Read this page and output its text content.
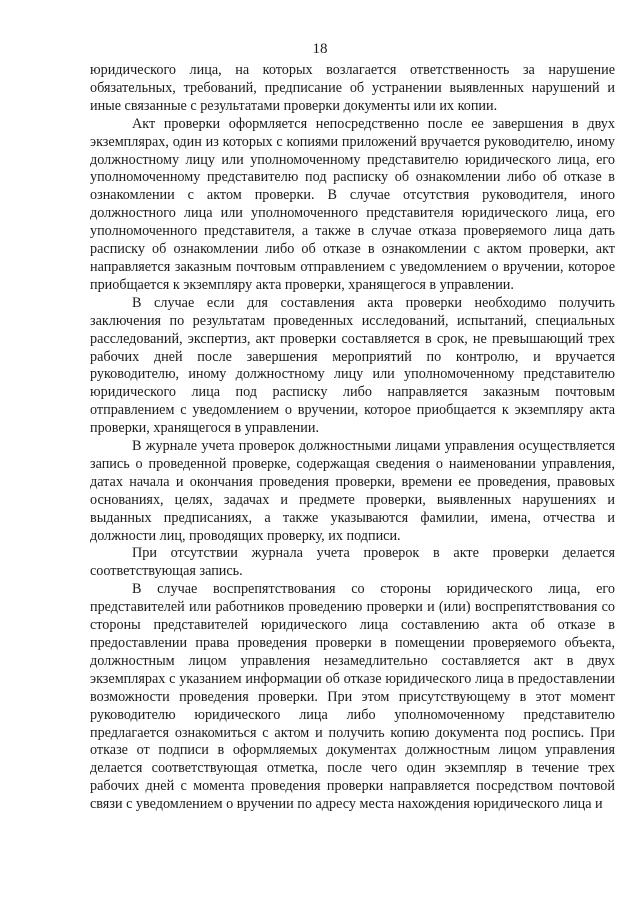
18

юридического лица, на которых возлагается ответственность за нарушение обязательных, требований, предписание об устранении выявленных нарушений и иные связанные с результатами проверки документы или их копии.

Акт проверки оформляется непосредственно после ее завершения в двух экземплярах, один из которых с копиями приложений вручается руководителю, иному должностному лицу или уполномоченному представителю юридического лица, его уполномоченному представителю под расписку об ознакомлении либо об отказе в ознакомлении с актом проверки. В случае отсутствия руководителя, иного должностного лица или уполномоченного представителя юридического лица, его уполномоченного представителя, а также в случае отказа проверяемого лица дать расписку об ознакомлении либо об отказе в ознакомлении с актом проверки, акт направляется заказным почтовым отправлением с уведомлением о вручении, которое приобщается к экземпляру акта проверки, хранящегося в управлении.

В случае если для составления акта проверки необходимо получить заключения по результатам проведенных исследований, испытаний, специальных расследований, экспертиз, акт проверки составляется в срок, не превышающий трех рабочих дней после завершения мероприятий по контролю, и вручается руководителю, иному должностному лицу или уполномоченному представителю юридического лица под расписку либо направляется заказным почтовым отправлением с уведомлением о вручении, которое приобщается к экземпляру акта проверки, хранящегося в управлении.

В журнале учета проверок должностными лицами управления осуществляется запись о проведенной проверке, содержащая сведения о наименовании управления, датах начала и окончания проведения проверки, времени ее проведения, правовых основаниях, целях, задачах и предмете проверки, выявленных нарушениях и выданных предписаниях, а также указываются фамилии, имена, отчества и должности лиц, проводящих проверку, их подписи.

При отсутствии журнала учета проверок в акте проверки делается соответствующая запись.

В случае воспрепятствования со стороны юридического лица, его представителей или работников проведению проверки и (или) воспрепятствования со стороны представителей юридического лица составлению акта об отказе в предоставлении права проведения проверки в помещении проверяемого объекта, должностным лицом управления незамедлительно составляется акт в двух экземплярах с указанием информации об отказе юридического лица в предоставлении возможности проведения проверки. При этом присутствующему в этот момент руководителю юридического лица либо уполномоченному представителю предлагается ознакомиться с актом и получить копию документа под роспись. При отказе от подписи в оформляемых документах должностным лицом управления делается соответствующая отметка, после чего один экземпляр в течение трех рабочих дней с момента проведения проверки направляется посредством почтовой связи с уведомлением о вручении по адресу места нахождения юридического лица и
